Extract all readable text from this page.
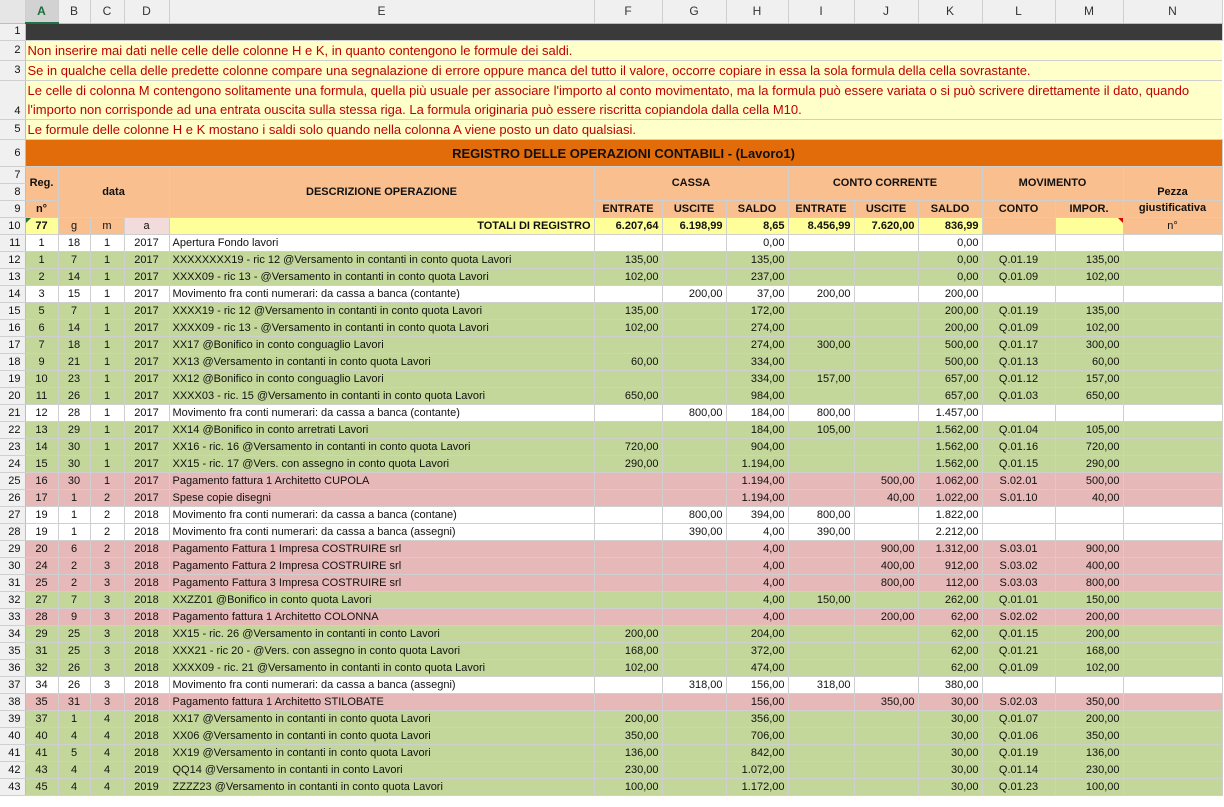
	A	B	C	D	E	F	G	H	I	J	K	L	M	N
1														
2	Non inserire mai dati nelle celle delle colonne H e K, in quanto contengono le formule dei saldi.													
3	Se in qualche cella delle predette colonne compare una segnalazione di errore oppure manca del tutto il valore, occorre copiare in essa la sola formula della cella sovrastante.													
4	Le celle di colonna M contengono solitamente una formula, quella più usuale per associare l'importo al conto movimentato, ma la formula può essere variata o si può scrivere direttamente il dato, quando l'importo non corrisponde ad una entrata ouscita sulla stessa riga. La formula originaria può essere riscritta copiandola dalla cella M10.													
5	Le formule delle colonne H e K mostano i saldi solo quando nella colonna A viene posto un dato qualsiasi.													
6	REGISTRO DELLE OPERAZIONI CONTABILI - (Lavoro1)													
7	Reg.	data			DESCRIZIONE OPERAZIONE	CASSA			CONTO CORRENTE			MOVIMENTO		Pezza
8														
9	n°					ENTRATE	USCITE	SALDO	ENTRATE	USCITE	SALDO	CONTO	IMPOR.	giustificativa
10	77	g	m	a	TOTALI DI REGISTRO	6.207,64	6.198,99	8,65	8.456,99	7.620,00	836,99			n°
11	1	18	1	2017	Apertura Fondo lavori			0,00			0,00			
12	1	7	1	2017	XXXXXXXX19 - ric 12 @Versamento in contanti in conto quota Lavori	135,00		135,00			0,00	Q.01.19	135,00	
13	2	14	1	2017	XXXX09 - ric 13 - @Versamento in contanti in conto quota Lavori	102,00		237,00			0,00	Q.01.09	102,00	
14	3	15	1	2017	Movimento fra conti numerari: da cassa a banca (contante)		200,00	37,00	200,00		200,00			
15	5	7	1	2017	XXXX19 - ric 12 @Versamento in contanti in conto quota Lavori	135,00		172,00			200,00	Q.01.19	135,00	
16	6	14	1	2017	XXXX09 - ric 13 - @Versamento in contanti in conto quota Lavori	102,00		274,00			200,00	Q.01.09	102,00	
17	7	18	1	2017	XX17 @Bonifico in conto conguaglio Lavori			274,00	300,00		500,00	Q.01.17	300,00	
18	9	21	1	2017	XX13 @Versamento in contanti in conto quota Lavori	60,00		334,00			500,00	Q.01.13	60,00	
19	10	23	1	2017	XX12 @Bonifico in conto conguaglio Lavori			334,00	157,00		657,00	Q.01.12	157,00	
20	11	26	1	2017	XXXX03 - ric. 15 @Versamento in contanti in conto quota Lavori	650,00		984,00			657,00	Q.01.03	650,00	
21	12	28	1	2017	Movimento fra conti numerari: da cassa a banca (contante)		800,00	184,00	800,00		1.457,00			
22	13	29	1	2017	XX14 @Bonifico in conto arretrati Lavori			184,00	105,00		1.562,00	Q.01.04	105,00	
23	14	30	1	2017	XX16 - ric. 16 @Versamento in contanti in conto quota Lavori	720,00		904,00			1.562,00	Q.01.16	720,00	
24	15	30	1	2017	XX15 - ric. 17 @Vers. con assegno in conto quota Lavori	290,00		1.194,00			1.562,00	Q.01.15	290,00	
25	16	30	1	2017	Pagamento fattura 1 Architetto CUPOLA			1.194,00		500,00	1.062,00	S.02.01	500,00	
26	17	1	2	2017	Spese copie disegni			1.194,00		40,00	1.022,00	S.01.10	40,00	
27	19	1	2	2018	Movimento fra conti numerari: da cassa a banca (contane)		800,00	394,00	800,00		1.822,00			
28	19	1	2	2018	Movimento fra conti numerari: da cassa a banca (assegni)		390,00	4,00	390,00		2.212,00			
29	20	6	2	2018	Pagamento Fattura 1 Impresa COSTRUIRE srl			4,00		900,00	1.312,00	S.03.01	900,00	
30	24	2	3	2018	Pagamento Fattura 2 Impresa COSTRUIRE srl			4,00		400,00	912,00	S.03.02	400,00	
31	25	2	3	2018	Pagamento Fattura 3 Impresa COSTRUIRE srl			4,00		800,00	112,00	S.03.03	800,00	
32	27	7	3	2018	XXZZ01 @Bonifico in conto quota Lavori			4,00	150,00		262,00	Q.01.01	150,00	
33	28	9	3	2018	Pagamento fattura 1 Architetto COLONNA			4,00		200,00	62,00	S.02.02	200,00	
34	29	25	3	2018	XX15 - ric. 26 @Versamento in contanti in conto Lavori	200,00		204,00			62,00	Q.01.15	200,00	
35	31	25	3	2018	XXX21 - ric 20 - @Vers. con assegno in conto quota Lavori	168,00		372,00			62,00	Q.01.21	168,00	
36	32	26	3	2018	XXXX09 - ric. 21 @Versamento in contanti in conto quota Lavori	102,00		474,00			62,00	Q.01.09	102,00	
37	34	26	3	2018	Movimento fra conti numerari: da cassa a banca (assegni)		318,00	156,00	318,00		380,00			
38	35	31	3	2018	Pagamento fattura 1 Architetto STILOBATE			156,00		350,00	30,00	S.02.03	350,00	
39	37	1	4	2018	XX17 @Versamento in contanti in conto quota Lavori	200,00		356,00			30,00	Q.01.07	200,00	
40	40	4	4	2018	XX06 @Versamento in contanti in conto quota Lavori	350,00		706,00			30,00	Q.01.06	350,00	
41	41	5	4	2018	XX19 @Versamento in contanti in conto quota Lavori	136,00		842,00			30,00	Q.01.19	136,00	
42	43	4	4	2019	QQ14 @Versamento in contanti in conto Lavori	230,00		1.072,00			30,00	Q.01.14	230,00	
43	45	4	4	2019	ZZZZ23 @Versamento in contanti in conto quota Lavori	100,00		1.172,00			30,00	Q.01.23	100,00	
